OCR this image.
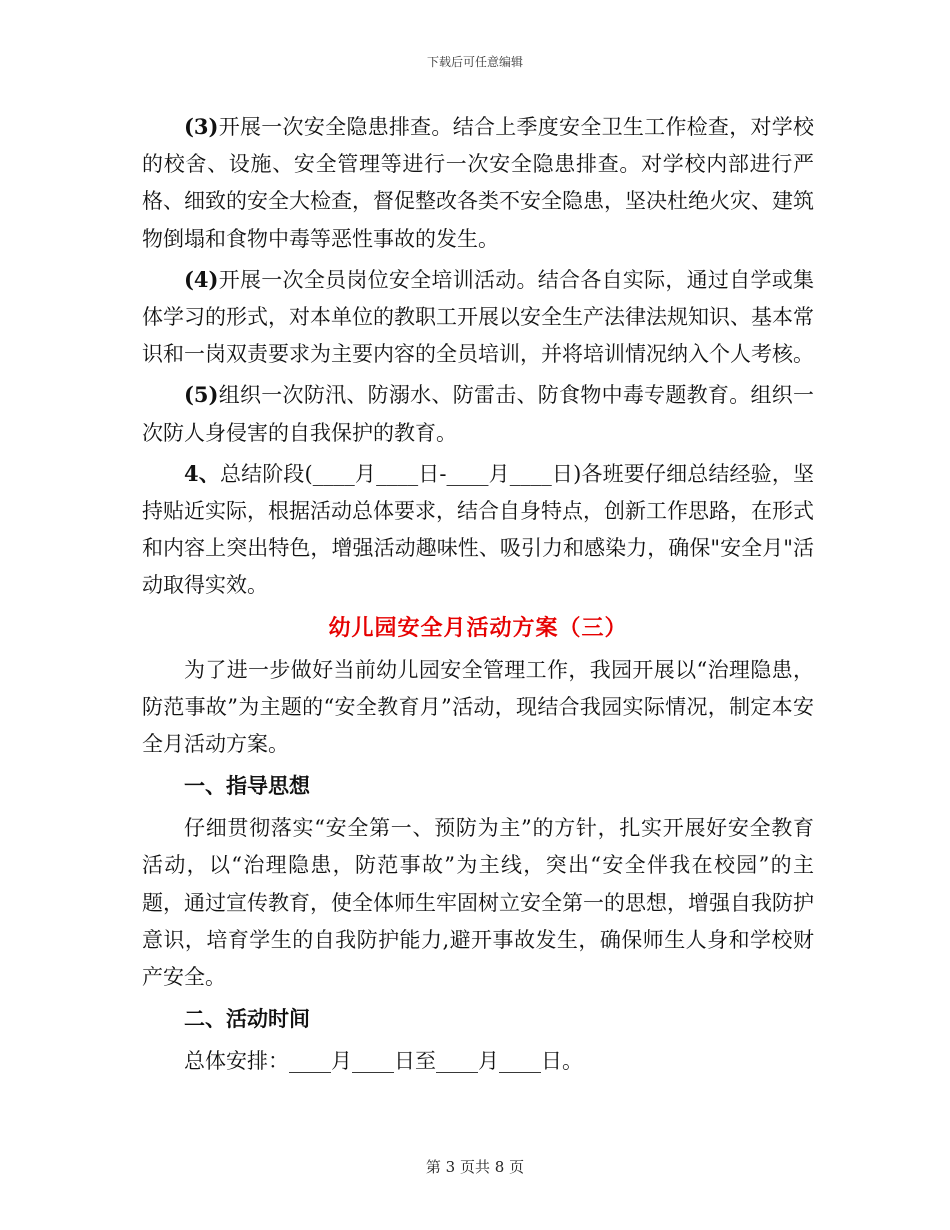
下载后可任意编辑

(3)开展一次安全隐患排查。结合上季度安全卫生工作检查，对学校的校舍、设施、安全管理等进行一次安全隐患排查。对学校内部进行严格、细致的安全大检查，督促整改各类不安全隐患，坚决杜绝火灾、建筑物倒塌和食物中毒等恶性事故的发生。

(4)开展一次全员岗位安全培训活动。结合各自实际，通过自学或集体学习的形式，对本单位的教职工开展以安全生产法律法规知识、基本常识和一岗双责要求为主要内容的全员培训，并将培训情况纳入个人考核。

(5)组织一次防汛、防溺水、防雷击、防食物中毒专题教育。组织一次防人身侵害的自我保护的教育。

4、总结阶段(____月____日-____月____日)各班要仔细总结经验，坚持贴近实际，根据活动总体要求，结合自身特点，创新工作思路，在形式和内容上突出特色，增强活动趣味性、吸引力和感染力，确保"安全月"活动取得实效。

幼儿园安全月活动方案（三）

为了进一步做好当前幼儿园安全管理工作，我园开展以“治理隐患，防范事故”为主题的“安全教育月”活动，现结合我园实际情况，制定本安全月活动方案。

一、指导思想

仔细贯彻落实“安全第一、预防为主”的方针，扎实开展好安全教育活动，以“治理隐患，防范事故”为主线，突出“安全伴我在校园”的主题，通过宣传教育，使全体师生牢固树立安全第一的思想，增强自我防护意识，培育学生的自我防护能力,避开事故发生，确保师生人身和学校财产安全。

二、活动时间

总体安排：____月____日至____月____日。

第 3 页共 8 页
